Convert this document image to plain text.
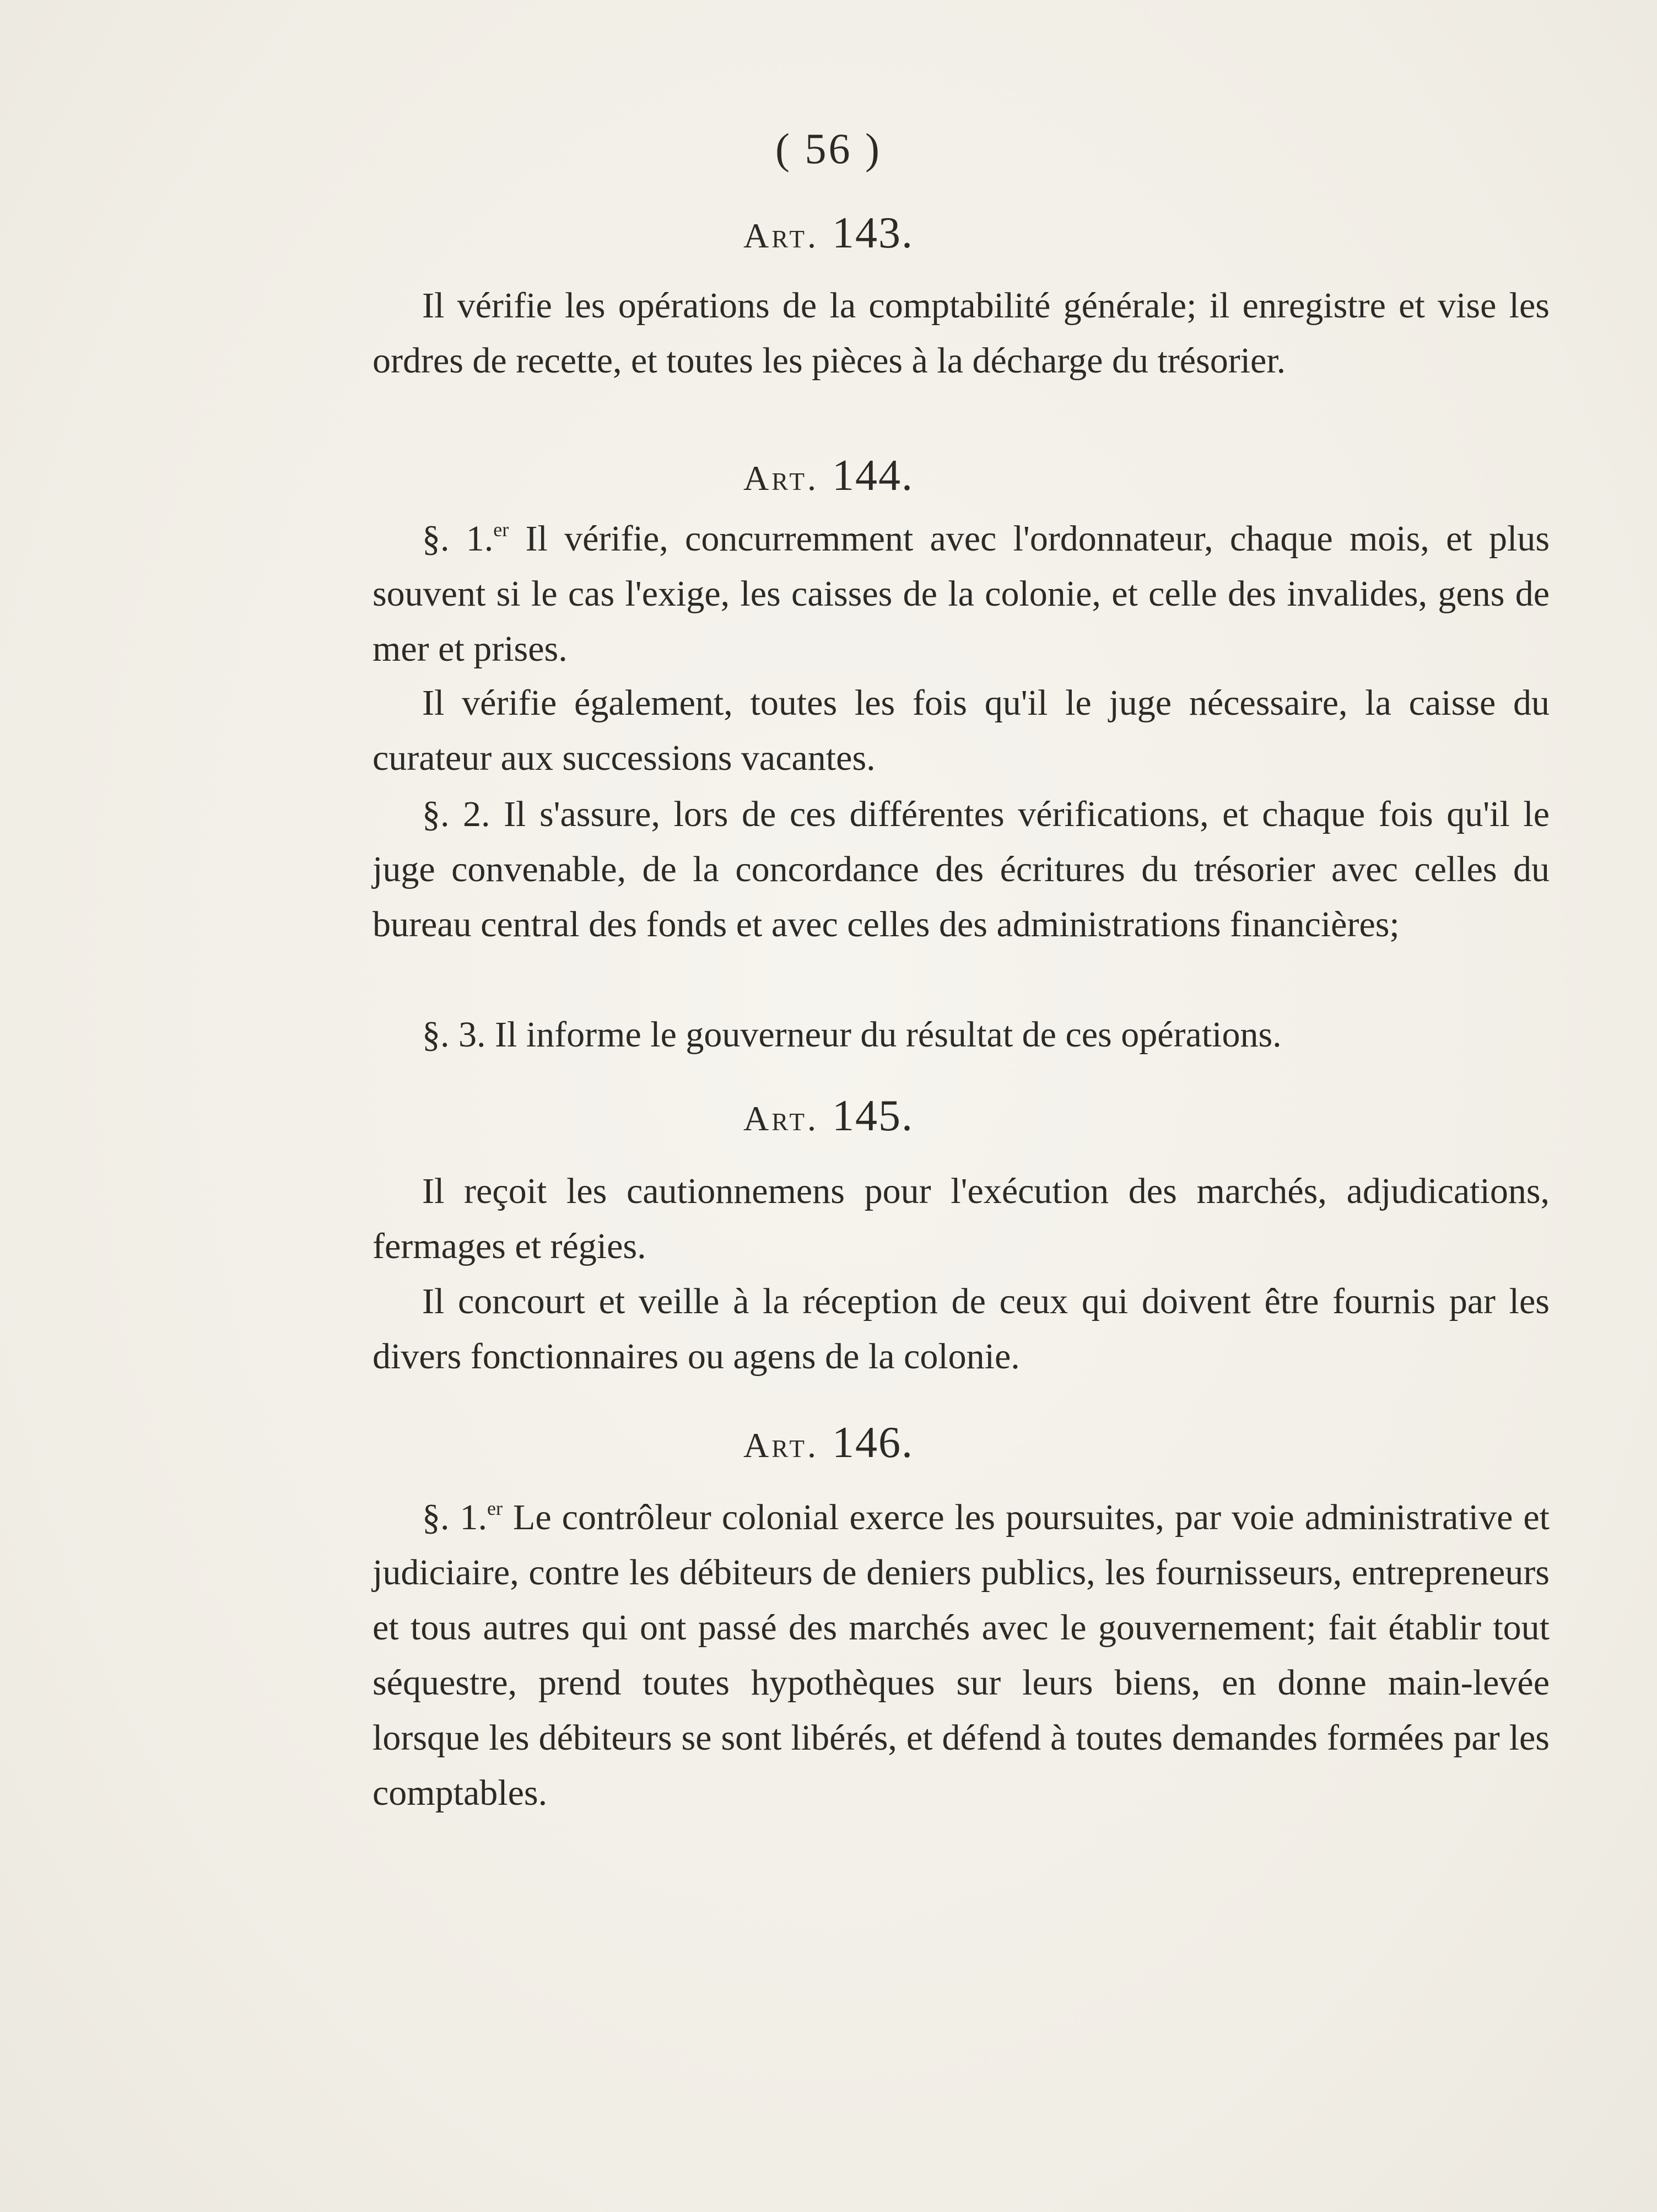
( 56 )
Art. 143.

Il vérifie les opérations de la comptabilité générale; il enregistre et vise les ordres de recette, et toutes les pièces à la décharge du trésorier.

Art. 144.

§. 1.$^{er}$ Il vérifie, concurremment avec l'ordonnateur, chaque mois, et plus souvent si le cas l'exige, les caisses de la colonie, et celle des invalides, gens de mer et prises.

Il vérifie également, toutes les fois qu'il le juge nécessaire, la caisse du curateur aux successions vacantes.

§. 2. Il s'assure, lors de ces différentes vérifications, et chaque fois qu'il le juge convenable, de la concordance des écritures du trésorier avec celles du bureau central des fonds et avec celles des administrations financières;

§. 3. Il informe le gouverneur du résultat de ces opérations.

Art. 145.

Il reçoit les cautionnemens pour l'exécution des marchés, adjudications, fermages et régies.

Il concourt et veille à la réception de ceux qui doivent être fournis par les divers fonctionnaires ou agens de la colonie.

Art. 146.

§. 1.$^{er}$ Le contrôleur colonial exerce les poursuites, par voie administrative et judiciaire, contre les débiteurs de deniers publics, les fournisseurs, entrepreneurs et tous autres qui ont passé des marchés avec le gouvernement; fait établir tout séquestre, prend toutes hypothèques sur leurs biens, en donne main-levée lorsque les débiteurs se sont libérés, et défend à toutes demandes formées par les comptables.
